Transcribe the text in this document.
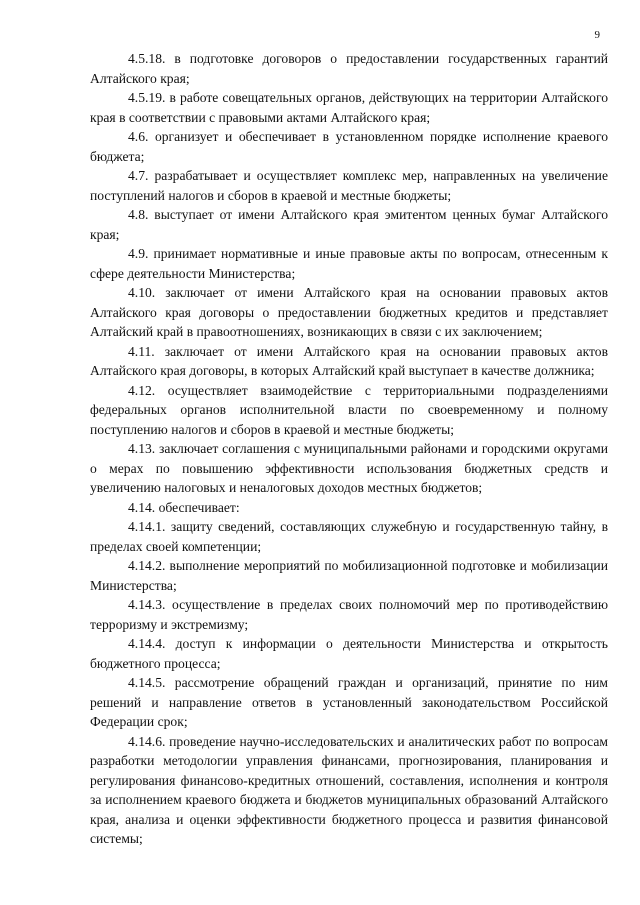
9

4.5.18. в подготовке договоров о предоставлении государственных гарантий Алтайского края;

4.5.19. в работе совещательных органов, действующих на территории Алтайского края в соответствии с правовыми актами Алтайского края;

4.6. организует и обеспечивает в установленном порядке исполнение краевого бюджета;

4.7. разрабатывает и осуществляет комплекс мер, направленных на увеличение поступлений налогов и сборов в краевой и местные бюджеты;

4.8. выступает от имени Алтайского края эмитентом ценных бумаг Алтайского края;

4.9. принимает нормативные и иные правовые акты по вопросам, отнесенным к сфере деятельности Министерства;

4.10. заключает от имени Алтайского края на основании правовых актов Алтайского края договоры о предоставлении бюджетных кредитов и представляет Алтайский край в правоотношениях, возникающих в связи с их заключением;

4.11. заключает от имени Алтайского края на основании правовых актов Алтайского края договоры, в которых Алтайский край выступает в качестве должника;

4.12. осуществляет взаимодействие с территориальными подразделениями федеральных органов исполнительной власти по своевременному и полному поступлению налогов и сборов в краевой и местные бюджеты;

4.13. заключает соглашения с муниципальными районами и городскими округами о мерах по повышению эффективности использования бюджетных средств и увеличению налоговых и неналоговых доходов местных бюджетов;

4.14. обеспечивает:

4.14.1. защиту сведений, составляющих служебную и государственную тайну, в пределах своей компетенции;

4.14.2. выполнение мероприятий по мобилизационной подготовке и мобилизации Министерства;

4.14.3. осуществление в пределах своих полномочий мер по противодействию терроризму и экстремизму;

4.14.4. доступ к информации о деятельности Министерства и открытость бюджетного процесса;

4.14.5. рассмотрение обращений граждан и организаций, принятие по ним решений и направление ответов в установленный законодательством Российской Федерации срок;

4.14.6. проведение научно-исследовательских и аналитических работ по вопросам разработки методологии управления финансами, прогнозирования, планирования и регулирования финансово-кредитных отношений, составления, исполнения и контроля за исполнением краевого бюджета и бюджетов муниципальных образований Алтайского края, анализа и оценки эффективности бюджетного процесса и развития финансовой системы;
